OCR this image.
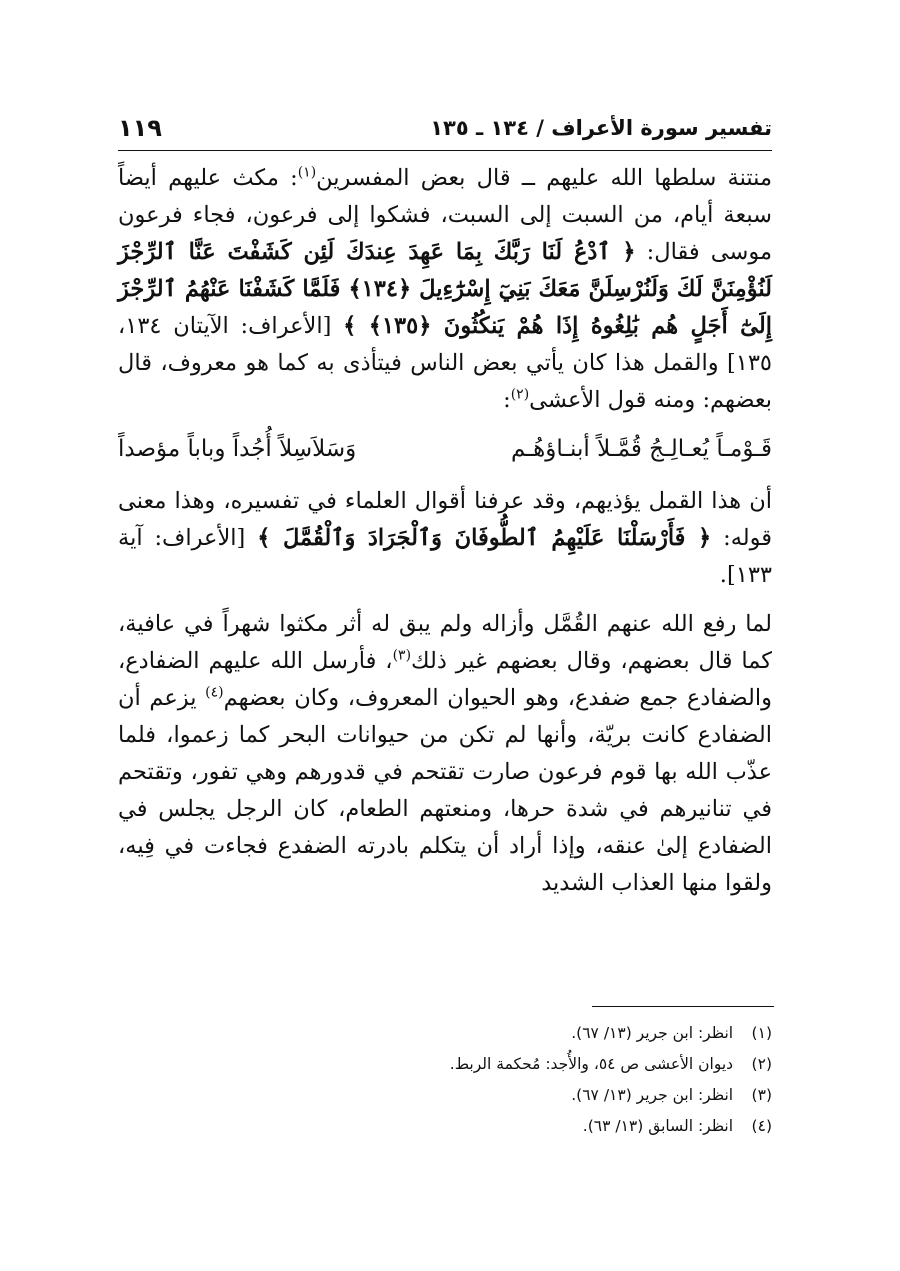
تفسير سورة الأعراف / ١٣٤ ـ ١٣٥
١١٩

منتنة سلطها الله عليهم ــ قال بعض المفسرين$^{(١)}$: مكث عليهم أيضاً سبعة أيام، من السبت إلى السبت، فشكوا إلى فرعون، فجاء فرعون موسى فقال: ﴿ ٱدْعُ لَنَا رَبَّكَ بِمَا عَهِدَ عِندَكَ لَئِن كَشَفْتَ عَنَّا ٱلرِّجْزَ لَنُؤْمِنَنَّ لَكَ وَلَنُرْسِلَنَّ مَعَكَ بَنِيٓ إِسْرَٰٓءِيلَ ﴿١٣٤﴾ فَلَمَّا كَشَفْنَا عَنْهُمُ ٱلرِّجْزَ إِلَىٰٓ أَجَلٍ هُم بَٰلِغُوهُ إِذَا هُمْ يَنكُثُونَ ﴿١٣٥﴾ ﴾ [الأعراف: الآيتان ١٣٤، ١٣٥] والقمل هذا كان يأتي بعض الناس فيتأذى به كما هو معروف، قال بعضهم: ومنه قول الأعشى$^{(٢)}$:

قَـوْمـاً يُعـالِـجُ قُمَّـلاً أبنـاؤهُـم
وَسَلاَسِلاً أُجُداً وباباً مؤصداً

أن هذا القمل يؤذيهم، وقد عرفنا أقوال العلماء في تفسيره، وهذا معنى قوله: ﴿ فَأَرْسَلْنَا عَلَيْهِمُ ٱلطُّوفَانَ وَٱلْجَرَادَ وَٱلْقُمَّلَ ﴾ [الأعراف: آية ١٣٣].

لما رفع الله عنهم القُمَّل وأزاله ولم يبق له أثر مكثوا شهراً في عافية، كما قال بعضهم، وقال بعضهم غير ذلك$^{(٣)}$، فأرسل الله عليهم الضفادع، والضفادع جمع ضفدع، وهو الحيوان المعروف، وكان بعضهم$^{(٤)}$ يزعم أن الضفادع كانت بريّة، وأنها لم تكن من حيوانات البحر كما زعموا، فلما عذّب الله بها قوم فرعون صارت تقتحم في قدورهم وهي تفور، وتقتحم في تنانيرهم في شدة حرها، ومنعتهم الطعام، كان الرجل يجلس في الضفادع إلىٰ عنقه، وإذا أراد أن يتكلم بادرته الضفدع فجاءت في فِيه، ولقوا منها العذاب الشديد

(١) انظر: ابن جرير (١٣/ ٦٧).

(٢) ديوان الأعشى ص ٥٤، والأُجد: مُحكمة الربط.

(٣) انظر: ابن جرير (١٣/ ٦٧).

(٤) انظر: السابق (١٣/ ٦٣).
